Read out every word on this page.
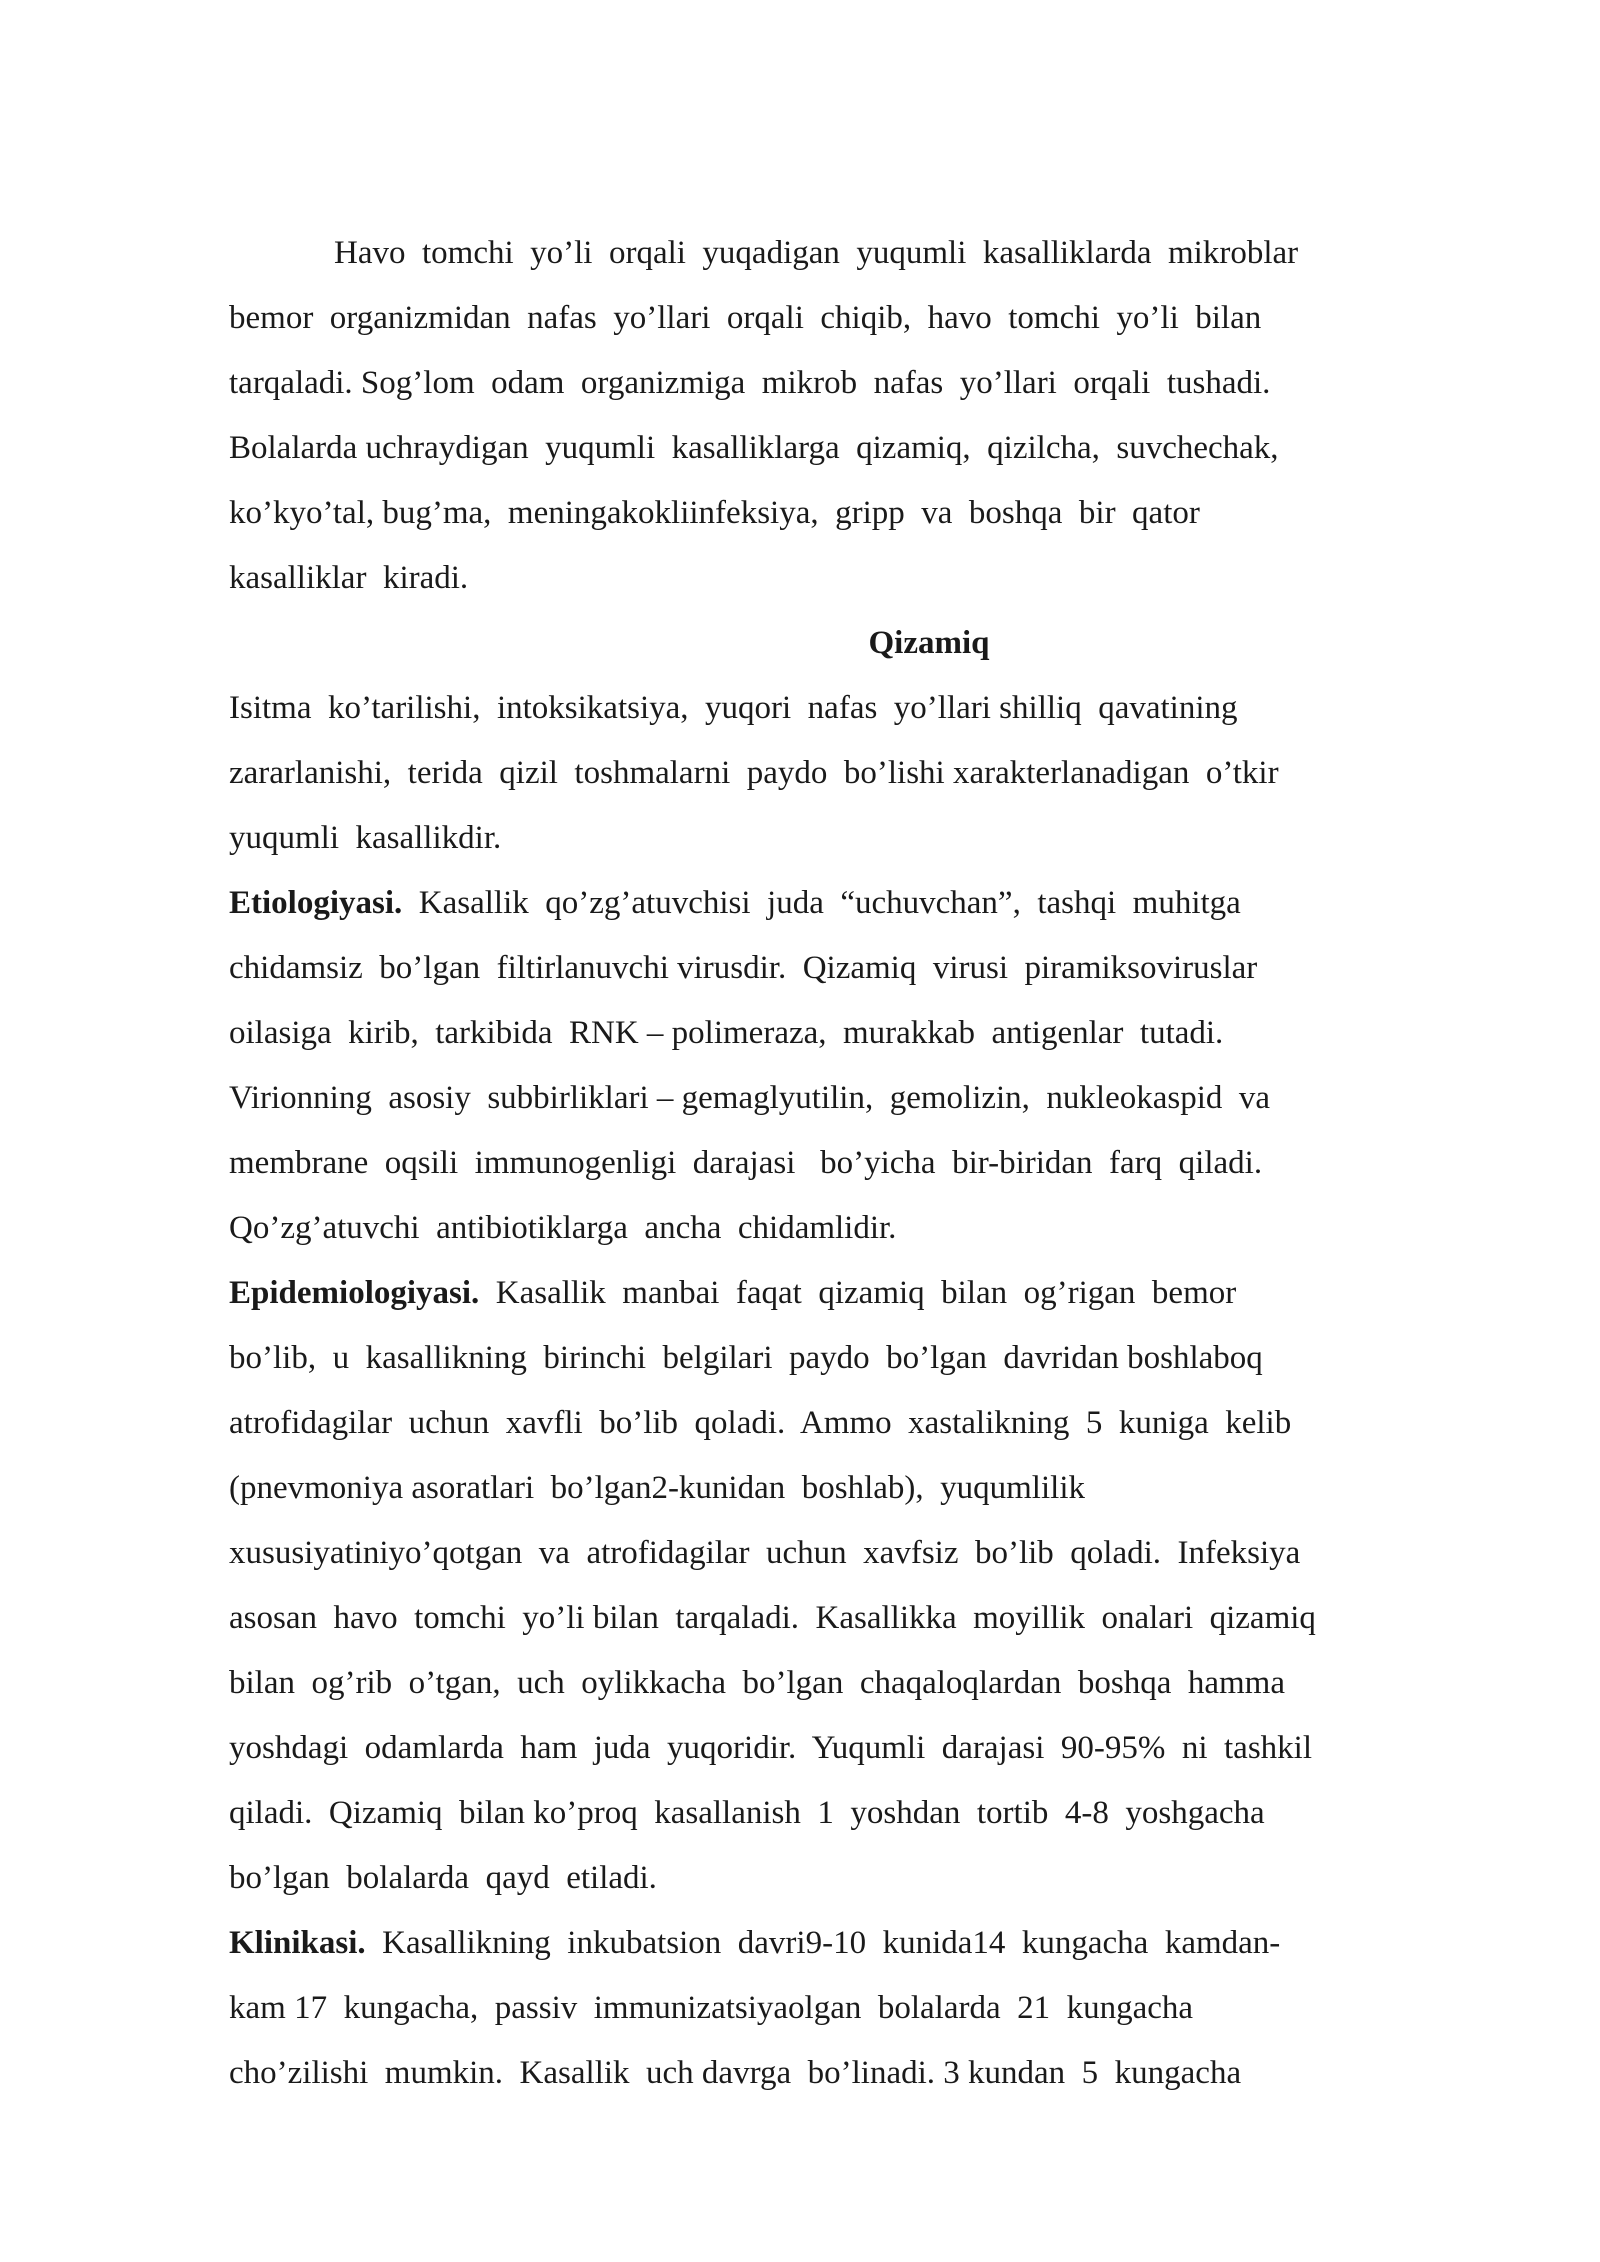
Havo  tomchi  yo’li  orqali  yuqadigan  yuqumli  kasalliklarda  mikroblar
bemor  organizmidan  nafas  yo’llari  orqali  chiqib,  havo  tomchi  yo’li  bilan
tarqaladi. Sog’lom  odam  organizmiga  mikrob  nafas  yo’llari  orqali  tushadi.
Bolalarda uchraydigan  yuqumli  kasalliklarga  qizamiq,  qizilcha,  suvchechak,
ko’kyo’tal, bug’ma,  meningakokliinfeksiya,  gripp  va  boshqa  bir  qator
kasalliklar  kiradi.
Qizamiq
Isitma  ko’tarilishi,  intoksikatsiya,  yuqori  nafas  yo’llari shilliq  qavatining
zararlanishi,  terida  qizil  toshmalarni  paydo  bo’lishi xarakterlanadigan  o’tkir
yuqumli  kasallikdir.
Etiologiyasi.  Kasallik  qo’zg’atuvchisi  juda  “uchuvchan”,  tashqi  muhitga
chidamsiz  bo’lgan  filtirlanuvchi virusdir.  Qizamiq  virusi  piramiksoviruslar
oilasiga  kirib,  tarkibida  RNK – polimeraza,  murakkab  antigenlar  tutadi.
Virionning  asosiy  subbirliklari – gemaglyutilin,  gemolizin,  nukleokaspid  va
membrane  oqsili  immunogenligi  darajasi   bo’yicha  bir-biridan  farq  qiladi.
Qo’zg’atuvchi  antibiotiklarga  ancha  chidamlidir.
Epidemiologiyasi.  Kasallik  manbai  faqat  qizamiq  bilan  og’rigan  bemor
bo’lib,  u  kasallikning  birinchi  belgilari  paydo  bo’lgan  davridan boshlaboq
atrofidagilar  uchun  xavfli  bo’lib  qoladi.  Ammo  xastalikning  5  kuniga  kelib
(pnevmoniya asoratlari  bo’lgan2-kunidan  boshlab),  yuqumlilik
xususiyatiniyo’qotgan  va  atrofidagilar  uchun  xavfsiz  bo’lib  qoladi.  Infeksiya
asosan  havo  tomchi  yo’li bilan  tarqaladi.  Kasallikka  moyillik  onalari  qizamiq
bilan  og’rib  o’tgan,  uch  oylikkacha  bo’lgan  chaqaloqlardan  boshqa  hamma
yoshdagi  odamlarda  ham  juda  yuqoridir.  Yuqumli  darajasi  90-95%  ni  tashkil
qiladi.  Qizamiq  bilan ko’proq  kasallanish  1  yoshdan  tortib  4-8  yoshgacha
bo’lgan  bolalarda  qayd  etiladi.
Klinikasi.  Kasallikning  inkubatsion  davri9-10  kunida14  kungacha  kamdan-
kam 17  kungacha,  passiv  immunizatsiyaolgan  bolalarda  21  kungacha
cho’zilishi  mumkin.  Kasallik  uch davrga  bo’linadi. 3 kundan  5  kungacha
